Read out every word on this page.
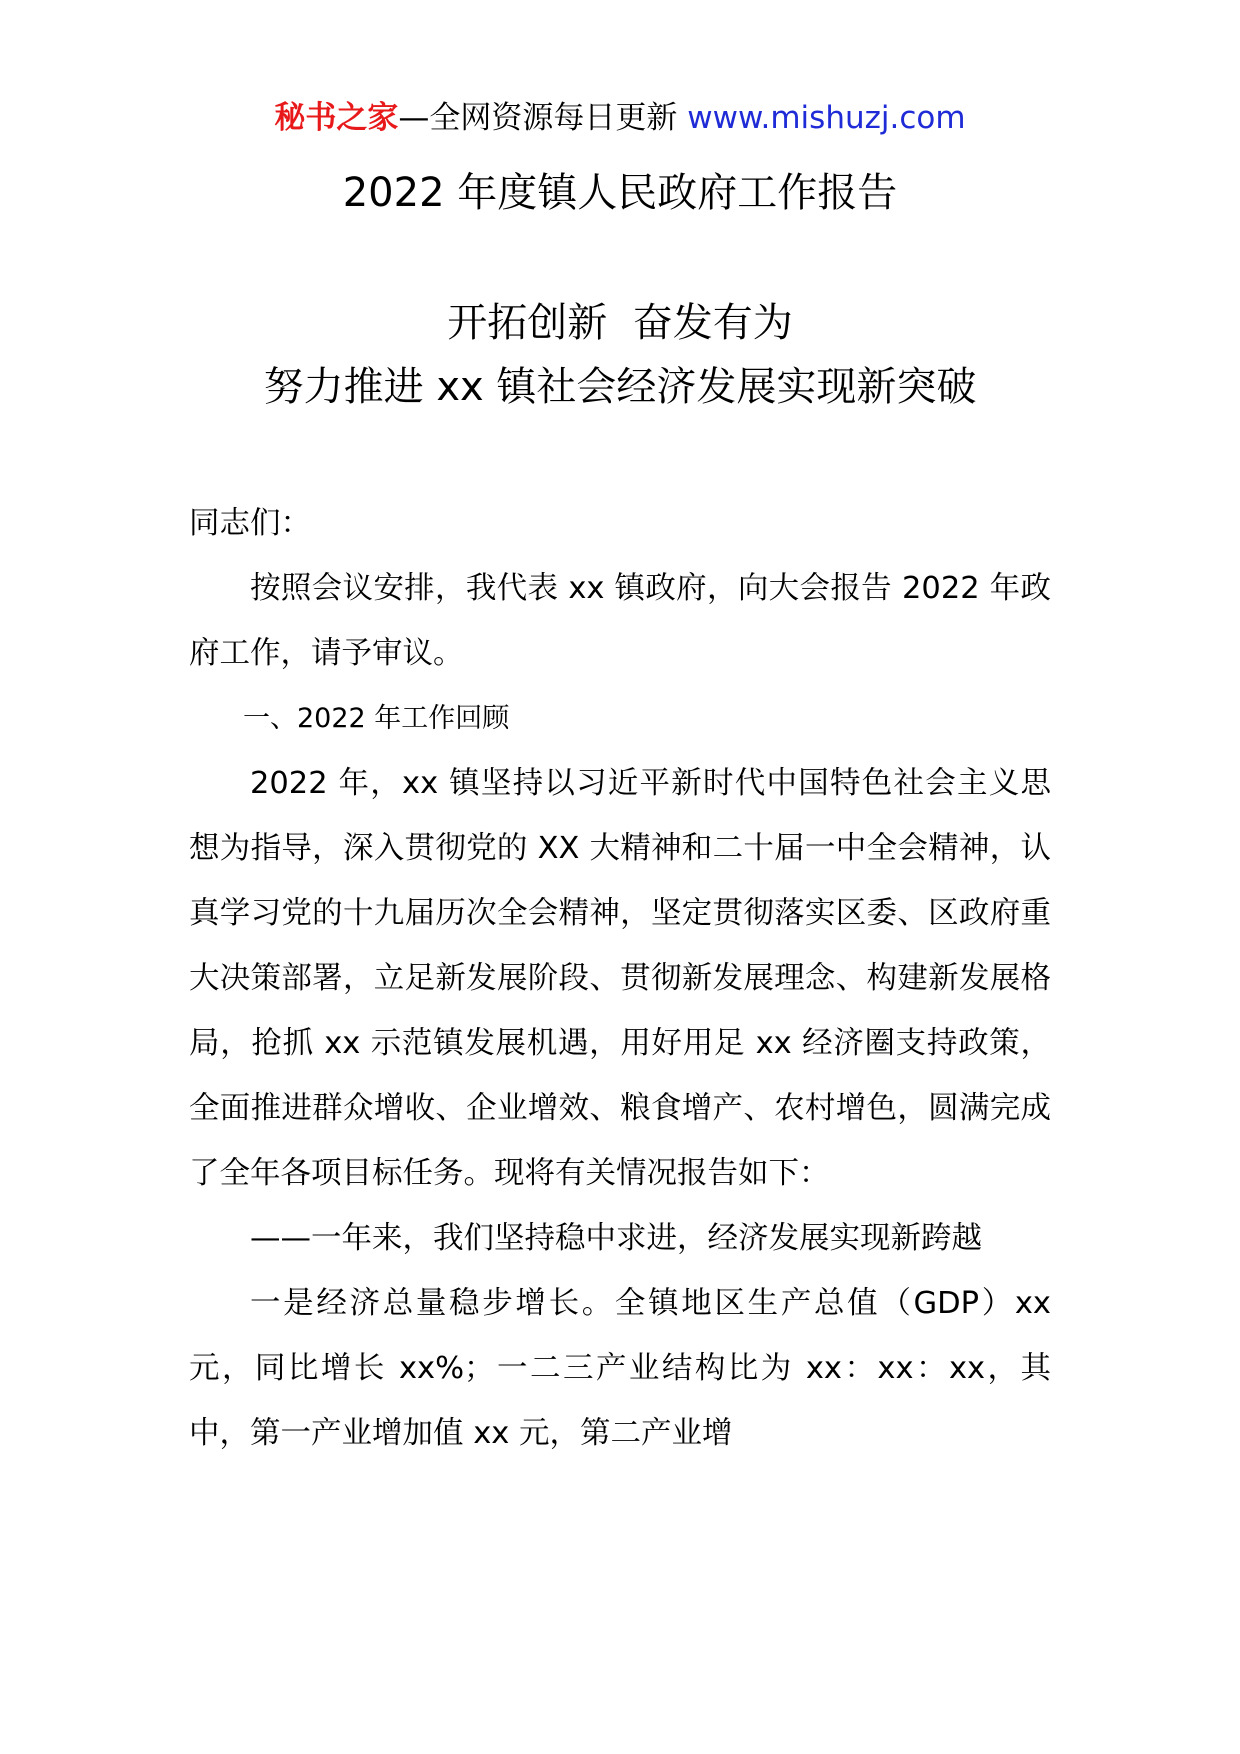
秘书之家—全网资源每日更新 www.mishuzj.com
2022 年度镇人民政府工作报告
开拓创新  奋发有为
努力推进 xx 镇社会经济发展实现新突破

同志们：

按照会议安排，我代表 xx 镇政府，向大会报告 2022 年政府工作，请予审议。

一、2022 年工作回顾

2022 年，xx 镇坚持以习近平新时代中国特色社会主义思想为指导，深入贯彻党的 XX 大精神和二十届一中全会精神，认真学习党的十九届历次全会精神，坚定贯彻落实区委、区政府重大决策部署，立足新发展阶段、贯彻新发展理念、构建新发展格局，抢抓 xx 示范镇发展机遇，用好用足 xx 经济圈支持政策，全面推进群众增收、企业增效、粮食增产、农村增色，圆满完成了全年各项目标任务。现将有关情况报告如下：

——一年来，我们坚持稳中求进，经济发展实现新跨越

一是经济总量稳步增长。全镇地区生产总值（GDP）xx 元，同比增长 xx%；一二三产业结构比为 xx：xx：xx，其中，第一产业增加值 xx 元，第二产业增
